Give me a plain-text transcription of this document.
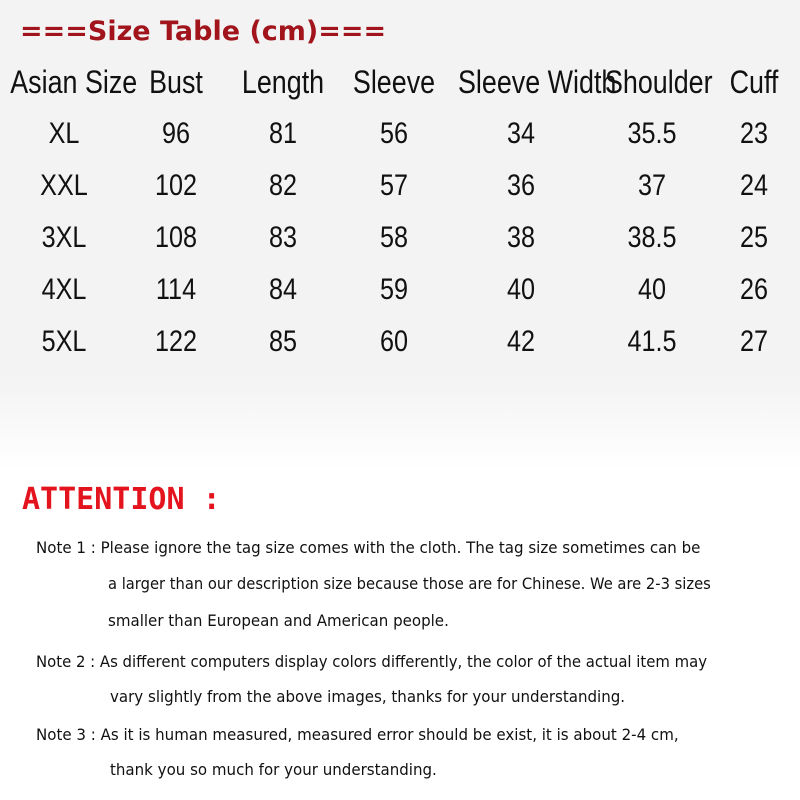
===Size Table (cm)===
Asian Size	Bust	Length	Sleeve	Sleeve Width	Shoulder	Cuff
XL	96	81	56	34	35.5	23
XXL	102	82	57	36	37	24
3XL	108	83	58	38	38.5	25
4XL	114	84	59	40	40	26
5XL	122	85	60	42	41.5	27
ATTENTION :

Note 1 : Please ignore the tag size comes with the cloth. The tag size sometimes can be

a larger than our description size because those are for Chinese. We are 2-3 sizes

smaller than European and American people.

Note 2 : As different computers display colors differently, the color of the actual item may

vary slightly from the above images, thanks for your understanding.

Note 3 : As it is human measured, measured error should be exist, it is about 2-4 cm,

thank you so much for your understanding.
